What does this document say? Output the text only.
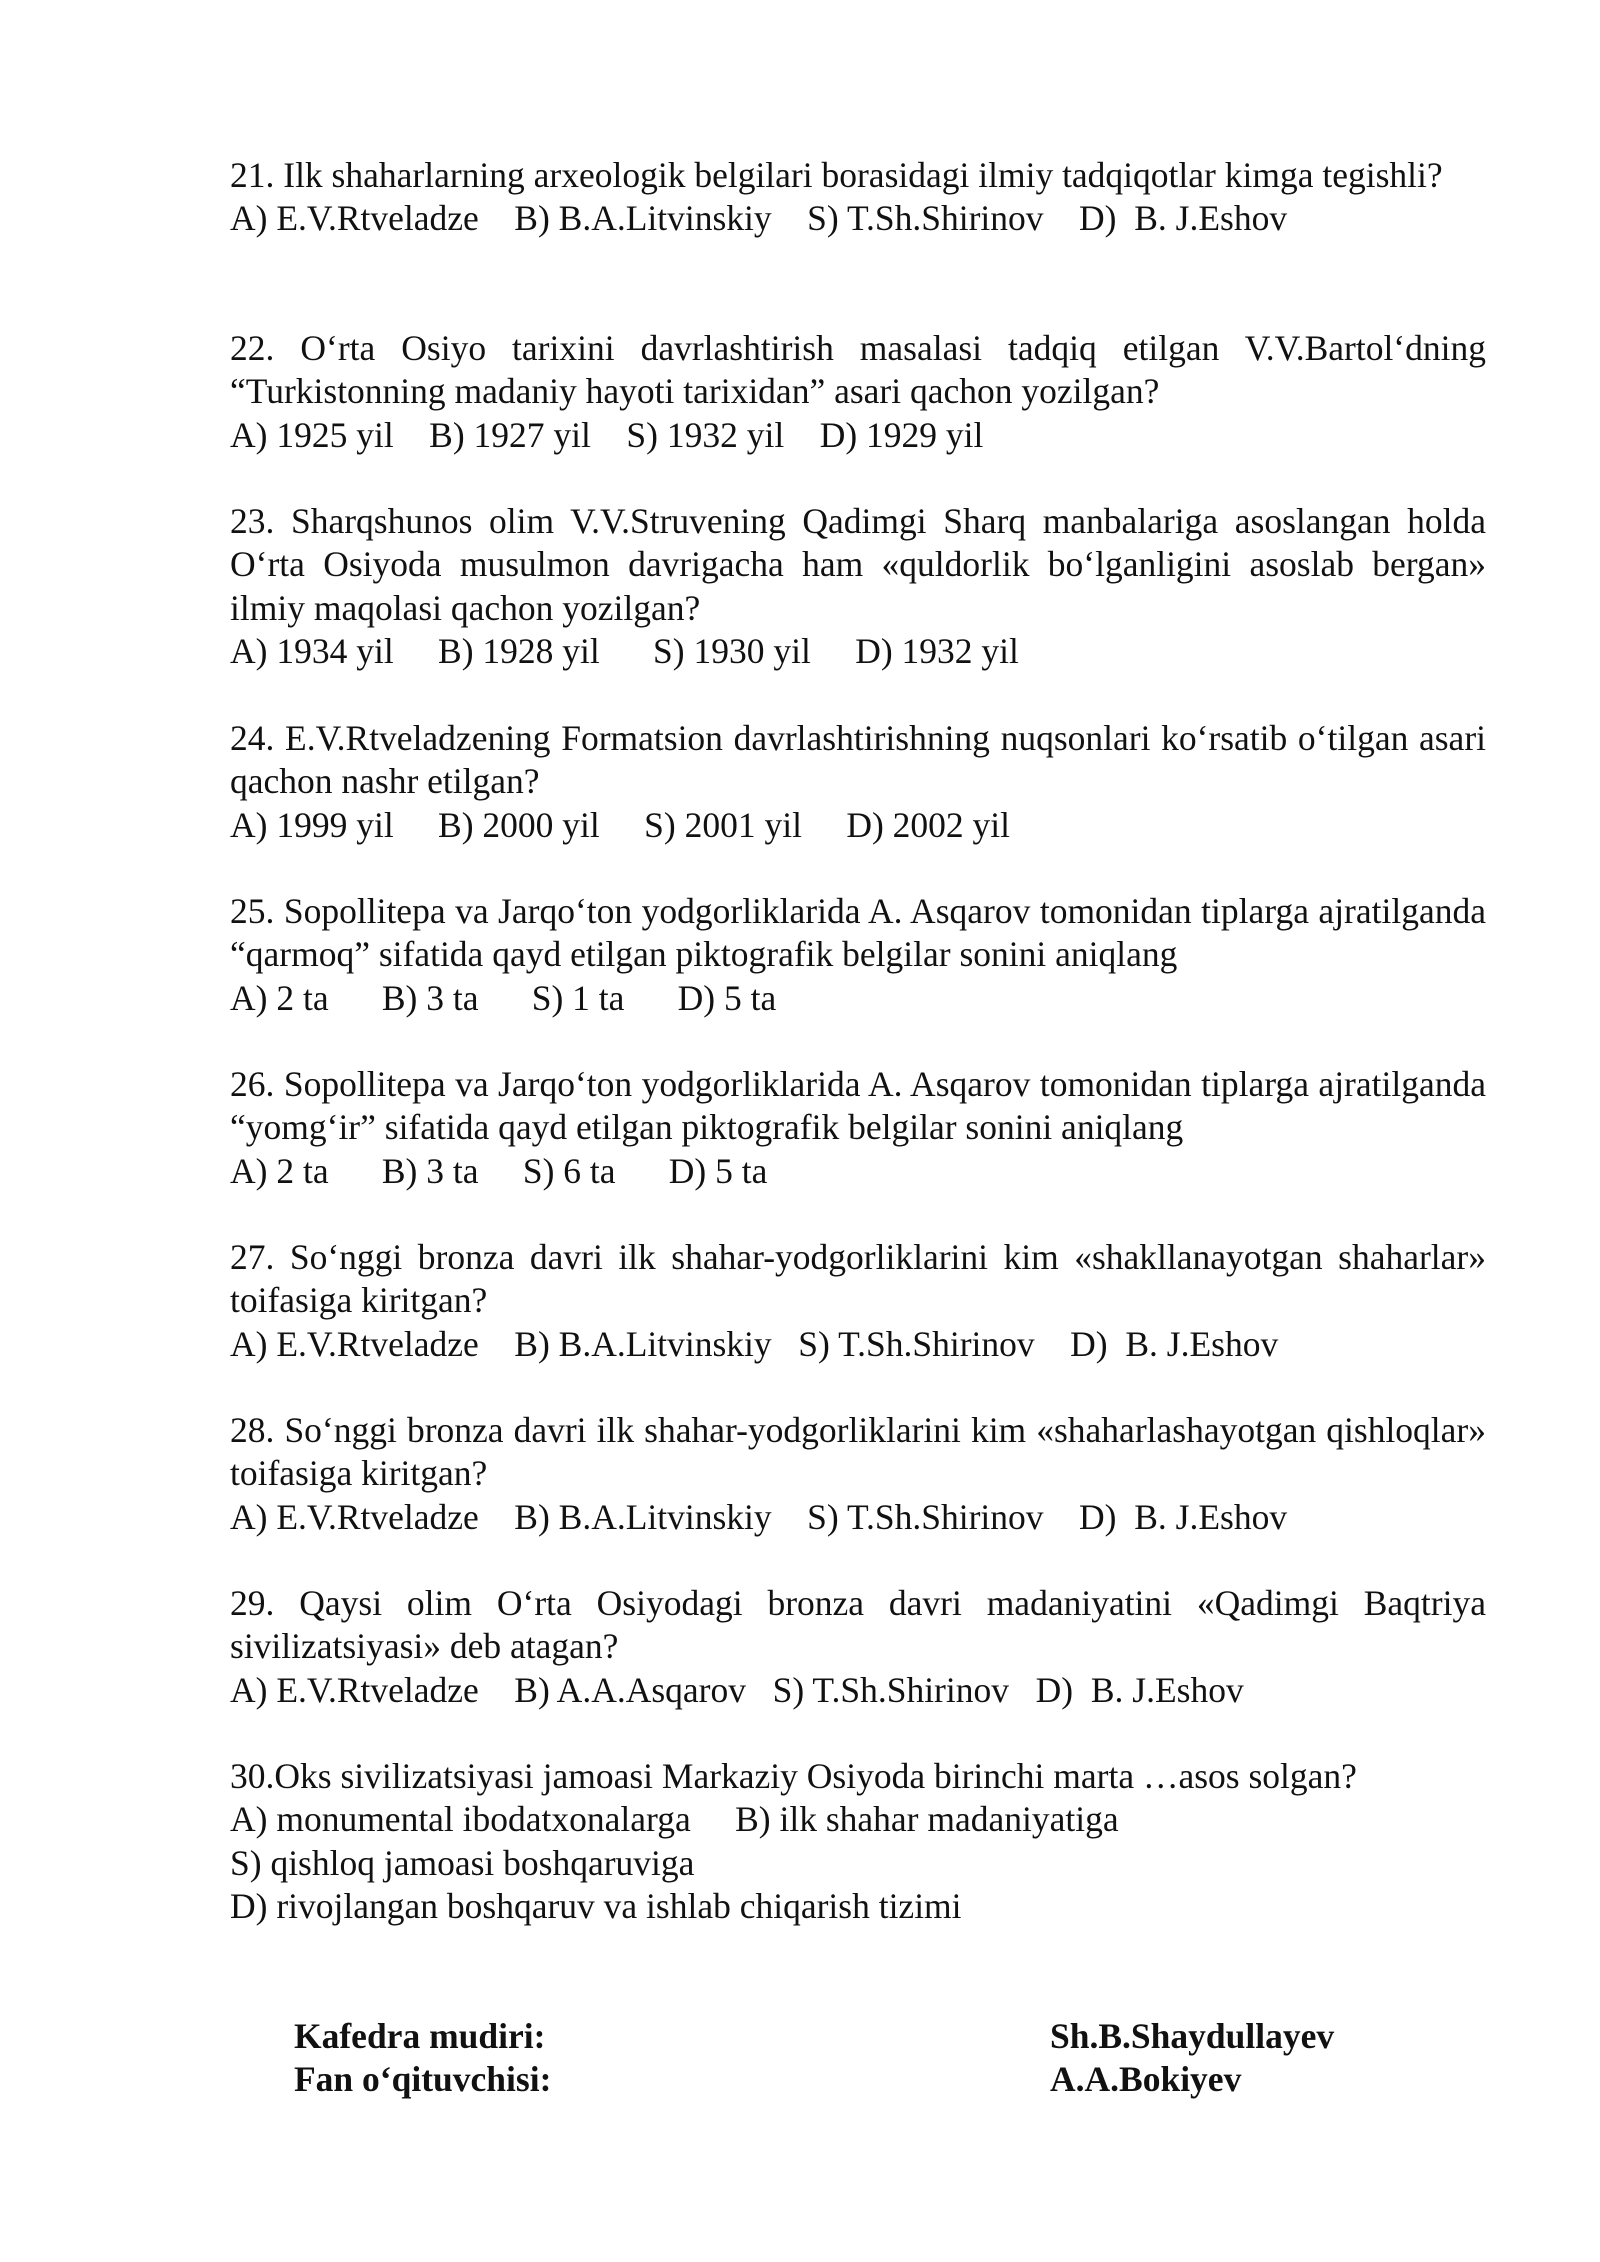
21. Ilk shaharlarning arxeologik belgilari borasidagi ilmiy tadqiqotlar kimga tegishli?

A) E.V.Rtveladze    B) B.A.Litvinskiy    S) T.Sh.Shirinov    D)  B. J.Eshov

22. O‘rta Osiyo tarixini davrlashtirish masalasi tadqiq etilgan V.V.Bartol‘dning “Turkistonning madaniy hayoti tarixidan” asari qachon yozilgan?

A) 1925 yil    B) 1927 yil    S) 1932 yil    D) 1929 yil

23. Sharqshunos olim V.V.Struvening Qadimgi Sharq manbalariga asoslangan holda O‘rta Osiyoda musulmon davrigacha ham «quldorlik bo‘lganligini asoslab bergan» ilmiy maqolasi qachon yozilgan?

A) 1934 yil     B) 1928 yil      S) 1930 yil     D) 1932 yil

24. E.V.Rtveladzening Formatsion davrlashtirishning nuqsonlari ko‘rsatib o‘tilgan asari qachon nashr etilgan?

A) 1999 yil     B) 2000 yil     S) 2001 yil     D) 2002 yil

25. Sopollitepa va Jarqo‘ton yodgorliklarida A. Asqarov tomonidan tiplarga ajratilganda “qarmoq” sifatida qayd etilgan piktografik belgilar sonini aniqlang

A) 2 ta      B) 3 ta      S) 1 ta      D) 5 ta

26. Sopollitepa va Jarqo‘ton yodgorliklarida A. Asqarov tomonidan tiplarga ajratilganda “yomg‘ir” sifatida qayd etilgan piktografik belgilar sonini aniqlang

A) 2 ta      B) 3 ta     S) 6 ta      D) 5 ta

27. So‘nggi bronza davri ilk shahar-yodgorliklarini kim «shakllanayotgan shaharlar» toifasiga kiritgan?

A) E.V.Rtveladze    B) B.A.Litvinskiy   S) T.Sh.Shirinov    D)  B. J.Eshov

28. So‘nggi bronza davri ilk shahar-yodgorliklarini kim «shaharlashayotgan qishloqlar» toifasiga kiritgan?

A) E.V.Rtveladze    B) B.A.Litvinskiy    S) T.Sh.Shirinov    D)  B. J.Eshov

29. Qaysi olim O‘rta Osiyodagi bronza davri madaniyatini «Qadimgi Baqtriya sivilizatsiyasi» deb atagan?

A) E.V.Rtveladze    B) A.A.Asqarov   S) T.Sh.Shirinov   D)  B. J.Eshov

30.Oks sivilizatsiyasi jamoasi Markaziy Osiyoda birinchi marta …asos solgan?

A) monumental ibodatxonalarga     B) ilk shahar madaniyatiga

S) qishloq jamoasi boshqaruviga

D) rivojlangan boshqaruv va ishlab chiqarish tizimi

Kafedra mudiri:	Sh.B.Shaydullayev
Fan o‘qituvchisi:	A.A.Bokiyev
